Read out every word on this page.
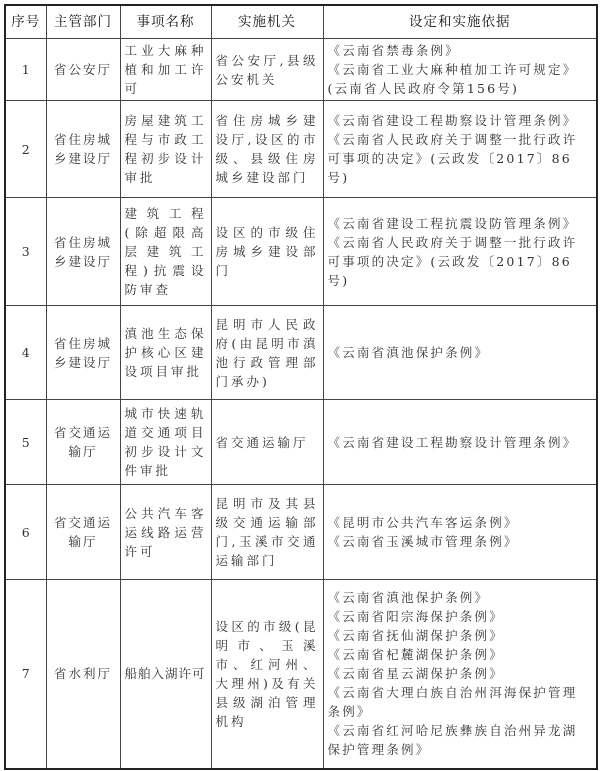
序号	主管部门	事项名称	实施机关	设定和实施依据
1	省公安厅	工业大麻种植和加工许可	省公安厅,县级公安机关	《云南省禁毒条例》
《云南省工业大麻种植加工许可规定》(云南省人民政府令第156号)

2	省住房城乡建设厅	房屋建筑工程与市政工程初步设计审批	省住房城乡建设厅,设区的市级、县级住房城乡建设部门	《云南省建设工程勘察设计管理条例》
《云南省人民政府关于调整一批行政许可事项的决定》(云政发〔2017〕86号)

3	省住房城乡建设厅	建筑工程(除超限高层建筑工程)抗震设防审查	设区的市级住房城乡建设部门	《云南省建设工程抗震设防管理条例》
《云南省人民政府关于调整一批行政许可事项的决定》(云政发〔2017〕86号)

4	省住房城乡建设厅	滇池生态保护核心区建设项目审批	昆明市人民政府(由昆明市滇池行政管理部门承办)	《云南省滇池保护条例》

5	省交通运输厅	城市快速轨道交通项目初步设计文件审批	省交通运输厅	《云南省建设工程勘察设计管理条例》

6	省交通运输厅	公共汽车客运线路运营许可	昆明市及其县级交通运输部门,玉溪市交通运输部门	《昆明市公共汽车客运条例》
《云南省玉溪城市管理条例》

7	省水利厅	船舶入湖许可	设区的市级(昆明市、玉溪市、红河州、大理州)及有关县级湖泊管理机构	
《云南省滇池保护条例》
《云南省阳宗海保护条例》
《云南省抚仙湖保护条例》
《云南省杞麓湖保护条例》
《云南省星云湖保护条例》
《云南省大理白族自治州洱海保护管理条例》
《云南省红河哈尼族彝族自治州异龙湖保护管理条例》
